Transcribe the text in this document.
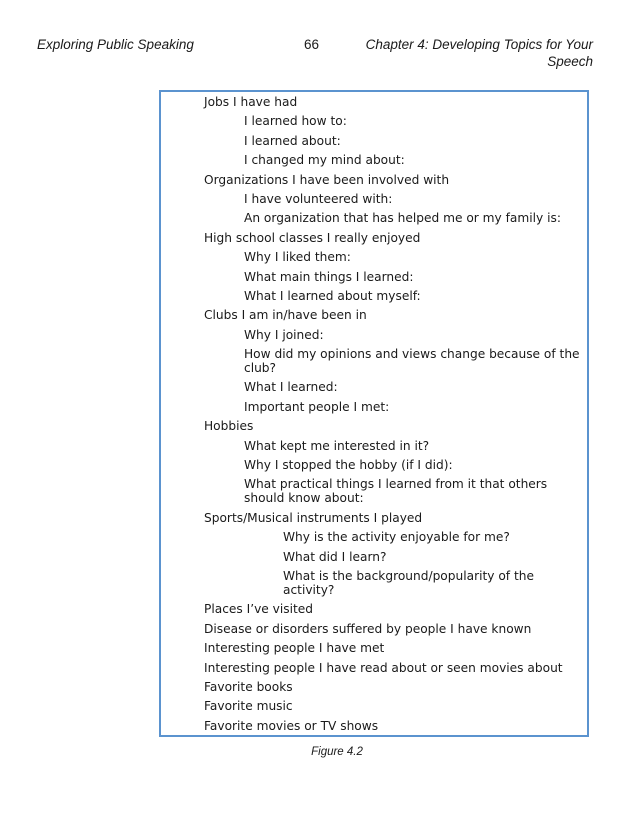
Exploring Public Speaking	66	Chapter 4: Developing Topics for Your Speech
Jobs I have had
I learned how to:
I learned about:
I changed my mind about:
Organizations I have been involved with
I have volunteered with:
An organization that has helped me or my family is:
High school classes I really enjoyed
Why I liked them:
What main things I learned:
What I learned about myself:
Clubs I am in/have been in
Why I joined:
How did my opinions and views change because of the club?
What I learned:
Important people I met:
Hobbies
What kept me interested in it?
Why I stopped the hobby (if I did):
What practical things I learned from it that others should know about:
Sports/Musical instruments I played
Why is the activity enjoyable for me?
What did I learn?
What is the background/popularity of the activity?
Places I’ve visited
Disease or disorders suffered by people I have known
Interesting people I have met
Interesting people I have read about or seen movies about
Favorite books
Favorite music
Favorite movies or TV shows
Figure 4.2
